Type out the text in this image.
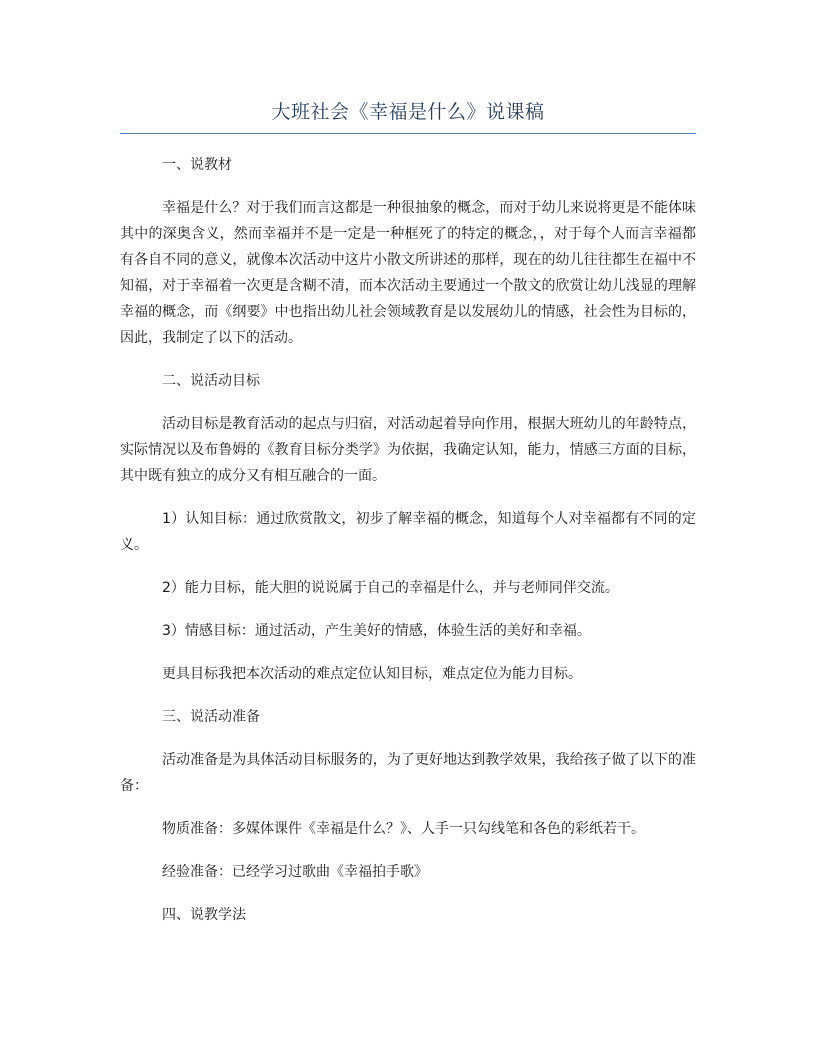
大班社会《幸福是什么》说课稿
一、说教材
幸福是什么？对于我们而言这都是一种很抽象的概念，而对于幼儿来说将更是不能体味其中的深奥含义，然而幸福并不是一定是一种框死了的特定的概念，，对于每个人而言幸福都有各自不同的意义，就像本次活动中这片小散文所讲述的那样，现在的幼儿往往都生在福中不知福，对于幸福着一次更是含糊不清，而本次活动主要通过一个散文的欣赏让幼儿浅显的理解幸福的概念，而《纲要》中也指出幼儿社会领域教育是以发展幼儿的情感，社会性为目标的，因此，我制定了以下的活动。
二、说活动目标
活动目标是教育活动的起点与归宿，对活动起着导向作用，根据大班幼儿的年龄特点，实际情况以及布鲁姆的《教育目标分类学》为依据，我确定认知，能力，情感三方面的目标，其中既有独立的成分又有相互融合的一面。
1）认知目标：通过欣赏散文，初步了解幸福的概念，知道每个人对幸福都有不同的定义。
2）能力目标，能大胆的说说属于自己的幸福是什么，并与老师同伴交流。
3）情感目标：通过活动，产生美好的情感，体验生活的美好和幸福。
更具目标我把本次活动的难点定位认知目标，难点定位为能力目标。
三、说活动准备
活动准备是为具体活动目标服务的，为了更好地达到教学效果，我给孩子做了以下的准备：
物质准备：多媒体课件《幸福是什么？》、人手一只勾线笔和各色的彩纸若干。
经验准备：已经学习过歌曲《幸福拍手歌》
四、说教学法
